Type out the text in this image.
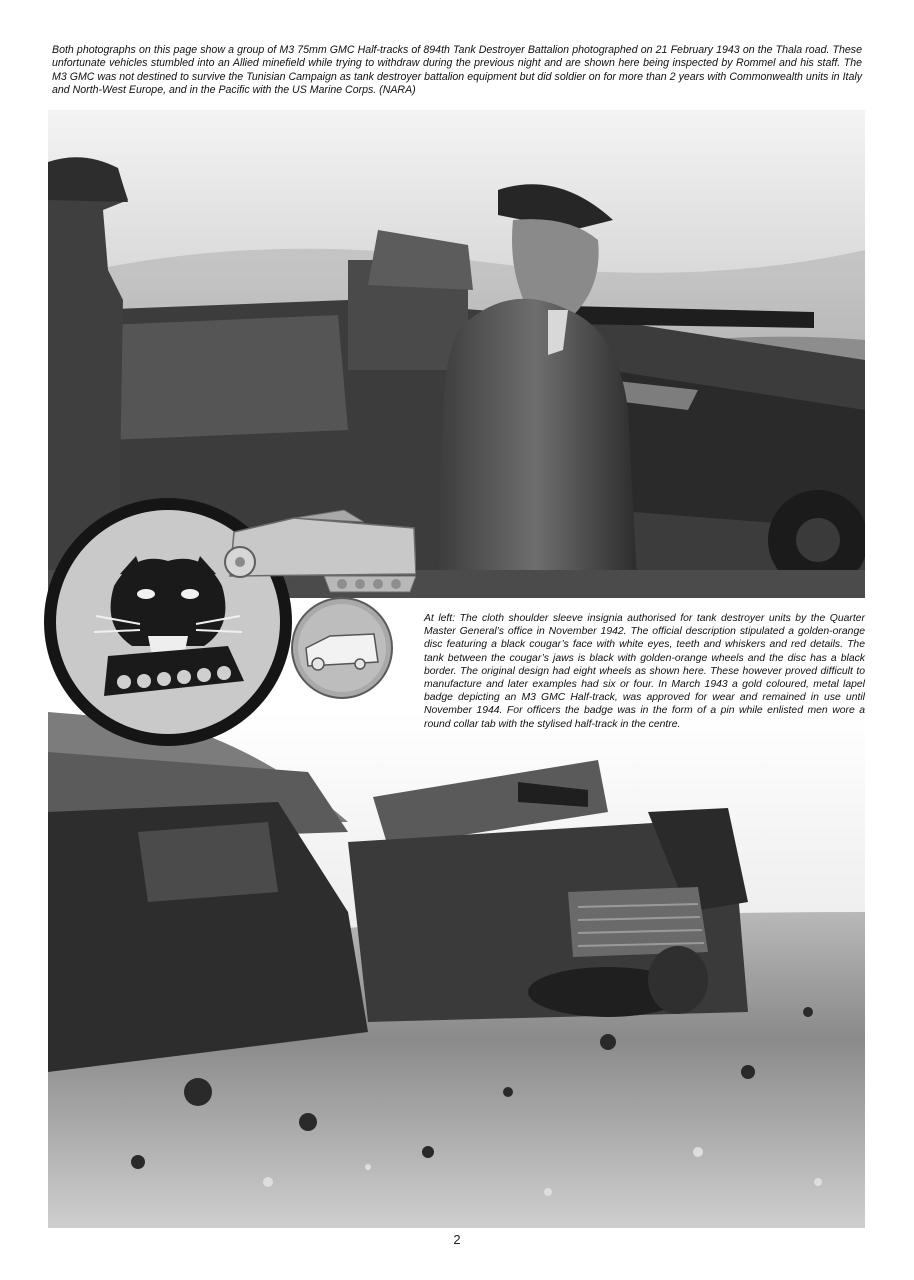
Both photographs on this page show a group of M3 75mm GMC Half-tracks of 894th Tank Destroyer Battalion photographed on 21 February 1943 on the Thala road. These unfortunate vehicles stumbled into an Allied minefield while trying to withdraw during the previous night and are shown here being inspected by Rommel and his staff. The M3 GMC was not destined to survive the Tunisian Campaign as tank destroyer battalion equipment but did soldier on for more than 2 years with Commonwealth units in Italy and North-West Europe, and in the Pacific with the US Marine Corps. (NARA)

At left: The cloth shoulder sleeve insignia authorised for tank destroyer units by the Quarter Master General’s office in November 1942. The official description stipulated a golden-orange disc featuring a black cougar’s face with white eyes, teeth and whiskers and red details. The tank between the cougar’s jaws is black with golden-orange wheels and the disc has a black border. The original design had eight wheels as shown here. These however proved difficult to manufacture and later examples had six or four. In March 1943 a gold coloured, metal lapel badge depicting an M3 GMC Half-track, was approved for wear and remained in use until November 1944. For officers the badge was in the form of a pin while enlisted men wore a round collar tab with the stylised half-track in the centre.

2
